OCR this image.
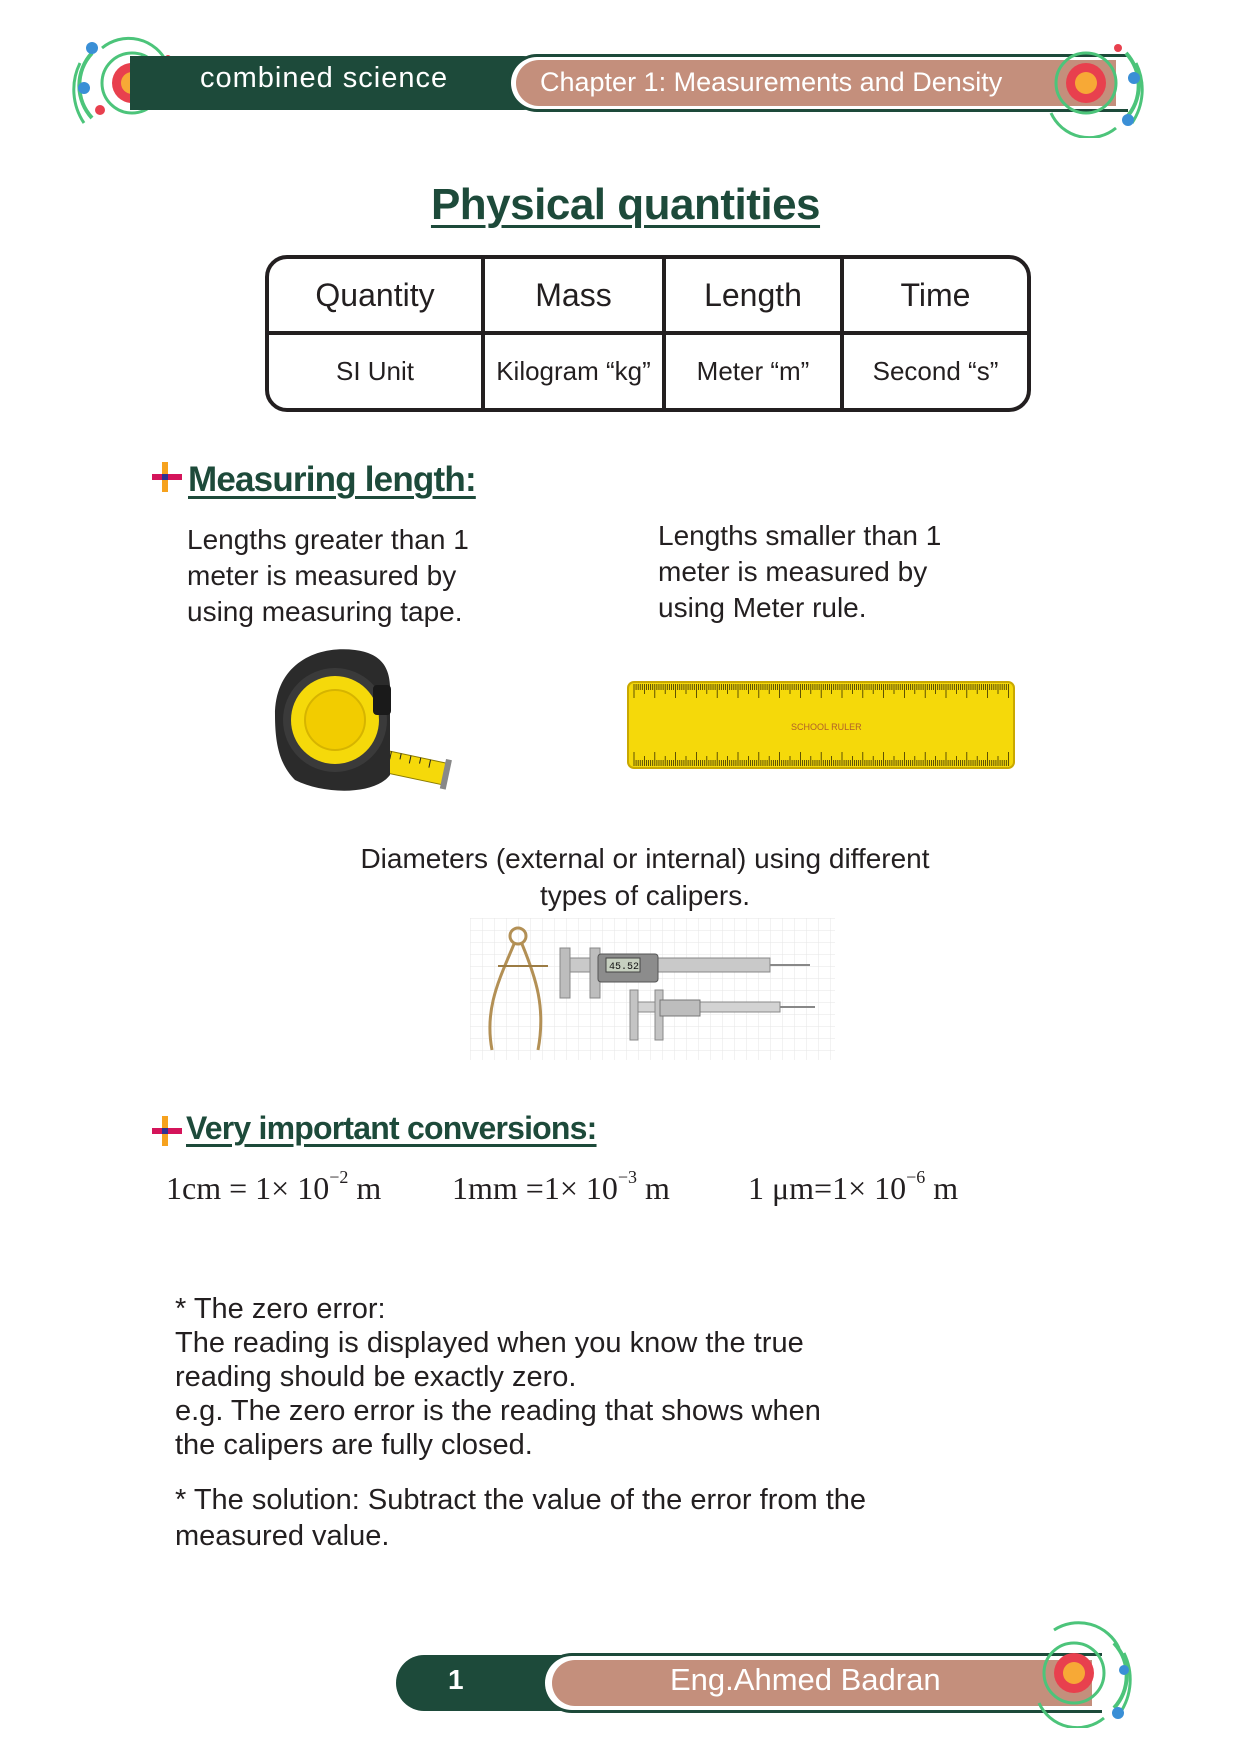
combined science	Chapter 1: Measurements and Density
Physical quantities
Quantity	Mass	Length	Time
SI Unit	Kilogram “kg”	Meter “m”	Second “s”
Measuring length:
Lengths greater than 1 meter is measured by using measuring tape.
Lengths smaller than 1 meter is measured by using Meter rule.
SCHOOL RULER
Diameters (external or internal) using different types of calipers.
45.52
Very important conversions:
$1cm = 1\times 10^{-2}$ m $1mm =1\times 10^{-3}$ m 1 $\mu m=1\times 10^{-6}$ m
* The zero error:
The reading is displayed when you know the true
reading should be exactly zero.
e.g. The zero error is the reading that shows when
the calipers are fully closed.
* The solution: Subtract the value of the error from the
measured value.
1	Eng.Ahmed Badran
